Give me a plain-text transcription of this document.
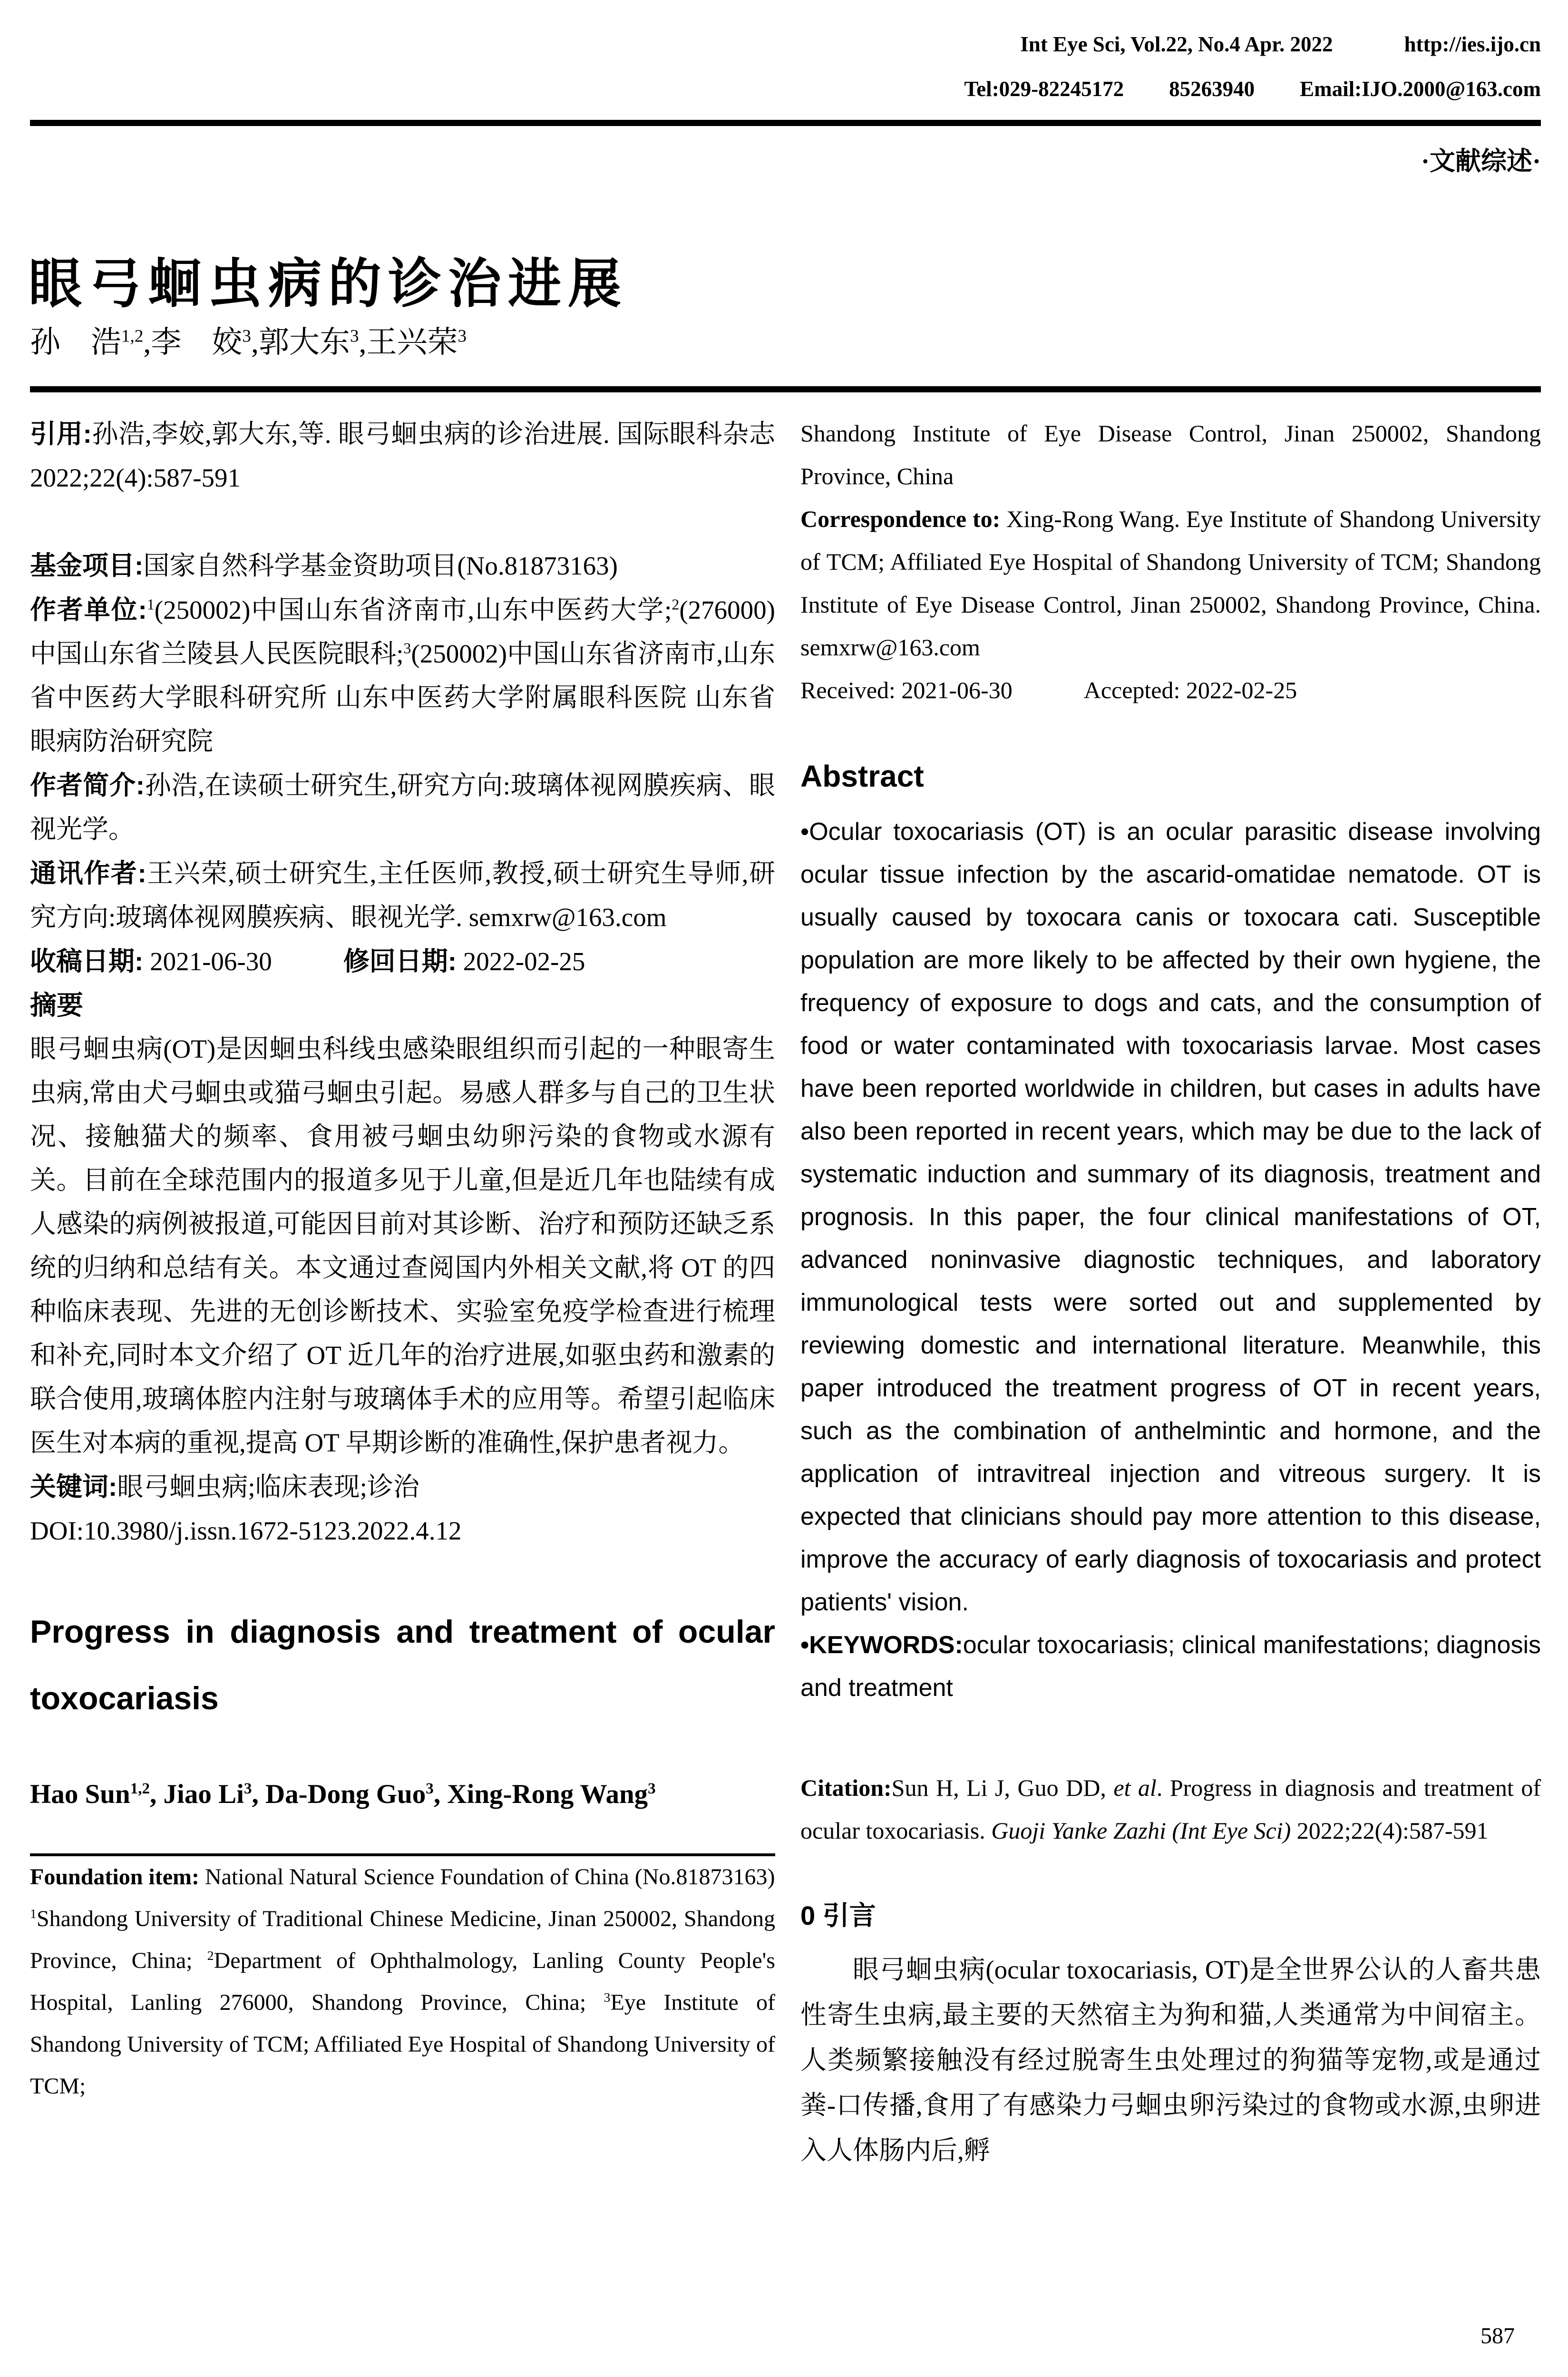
Int Eye Sci, Vol.22, No.4 Apr. 2022	http://ies.ijo.cn
Tel:029-82245172 85263940 Email:IJO.2000@163.com
·文献综述·
眼弓蛔虫病的诊治进展
孙　浩$^{1,2}$,李　姣$^3$,郭大东$^3$,王兴荣$^3$

引用:孙浩,李姣,郭大东,等. 眼弓蛔虫病的诊治进展. 国际眼科杂志 2022;22(4):587-591

基金项目:国家自然科学基金资助项目(No.81873163)

作者单位:$^1$(250002)中国山东省济南市,山东中医药大学;$^2$(276000)中国山东省兰陵县人民医院眼科;$^3$(250002)中国山东省济南市,山东省中医药大学眼科研究所 山东中医药大学附属眼科医院 山东省眼病防治研究院

作者简介:孙浩,在读硕士研究生,研究方向:玻璃体视网膜疾病、眼视光学。

通讯作者:王兴荣,硕士研究生,主任医师,教授,硕士研究生导师,研究方向:玻璃体视网膜疾病、眼视光学. semxrw@163.com

收稿日期: 2021-06-30	修回日期: 2022-02-25

摘要

眼弓蛔虫病(OT)是因蛔虫科线虫感染眼组织而引起的一种眼寄生虫病,常由犬弓蛔虫或猫弓蛔虫引起。易感人群多与自己的卫生状况、接触猫犬的频率、食用被弓蛔虫幼卵污染的食物或水源有关。目前在全球范围内的报道多见于儿童,但是近几年也陆续有成人感染的病例被报道,可能因目前对其诊断、治疗和预防还缺乏系统的归纳和总结有关。本文通过查阅国内外相关文献,将 OT 的四种临床表现、先进的无创诊断技术、实验室免疫学检查进行梳理和补充,同时本文介绍了 OT 近几年的治疗进展,如驱虫药和激素的联合使用,玻璃体腔内注射与玻璃体手术的应用等。希望引起临床医生对本病的重视,提高 OT 早期诊断的准确性,保护患者视力。

关键词:眼弓蛔虫病;临床表现;诊治

DOI:10.3980/j.issn.1672-5123.2022.4.12

Progress in diagnosis and treatment of ocular toxocariasis
Hao Sun$^{1,2}$, Jiao Li$^3$, Da-Dong Guo$^3$, Xing-Rong Wang$^3$

Foundation item: National Natural Science Foundation of China (No.81873163)

$^1$Shandong University of Traditional Chinese Medicine, Jinan 250002, Shandong Province, China; $^2$Department of Ophthalmology, Lanling County People's Hospital, Lanling 276000, Shandong Province, China; $^3$Eye Institute of Shandong University of TCM; Affiliated Eye Hospital of Shandong University of TCM;

Shandong Institute of Eye Disease Control, Jinan 250002, Shandong Province, China

Correspondence to: Xing-Rong Wang. Eye Institute of Shandong University of TCM; Affiliated Eye Hospital of Shandong University of TCM; Shandong Institute of Eye Disease Control, Jinan 250002, Shandong Province, China. semxrw@163.com

Received: 2021-06-30	Accepted: 2022-02-25

Abstract

•Ocular toxocariasis (OT) is an ocular parasitic disease involving ocular tissue infection by the ascarid-omatidae nematode. OT is usually caused by toxocara canis or toxocara cati. Susceptible population are more likely to be affected by their own hygiene, the frequency of exposure to dogs and cats, and the consumption of food or water contaminated with toxocariasis larvae. Most cases have been reported worldwide in children, but cases in adults have also been reported in recent years, which may be due to the lack of systematic induction and summary of its diagnosis, treatment and prognosis. In this paper, the four clinical manifestations of OT, advanced noninvasive diagnostic techniques, and laboratory immunological tests were sorted out and supplemented by reviewing domestic and international literature. Meanwhile, this paper introduced the treatment progress of OT in recent years, such as the combination of anthelmintic and hormone, and the application of intravitreal injection and vitreous surgery. It is expected that clinicians should pay more attention to this disease, improve the accuracy of early diagnosis of toxocariasis and protect patients' vision.

•KEYWORDS:ocular toxocariasis; clinical manifestations; diagnosis and treatment

Citation:Sun H, Li J, Guo DD, et al. Progress in diagnosis and treatment of ocular toxocariasis. Guoji Yanke Zazhi (Int Eye Sci) 2022;22(4):587-591

0 引言

眼弓蛔虫病(ocular toxocariasis, OT)是全世界公认的人畜共患性寄生虫病,最主要的天然宿主为狗和猫,人类通常为中间宿主。人类频繁接触没有经过脱寄生虫处理过的狗猫等宠物,或是通过粪-口传播,食用了有感染力弓蛔虫卵污染过的食物或水源,虫卵进入人体肠内后,孵

587
